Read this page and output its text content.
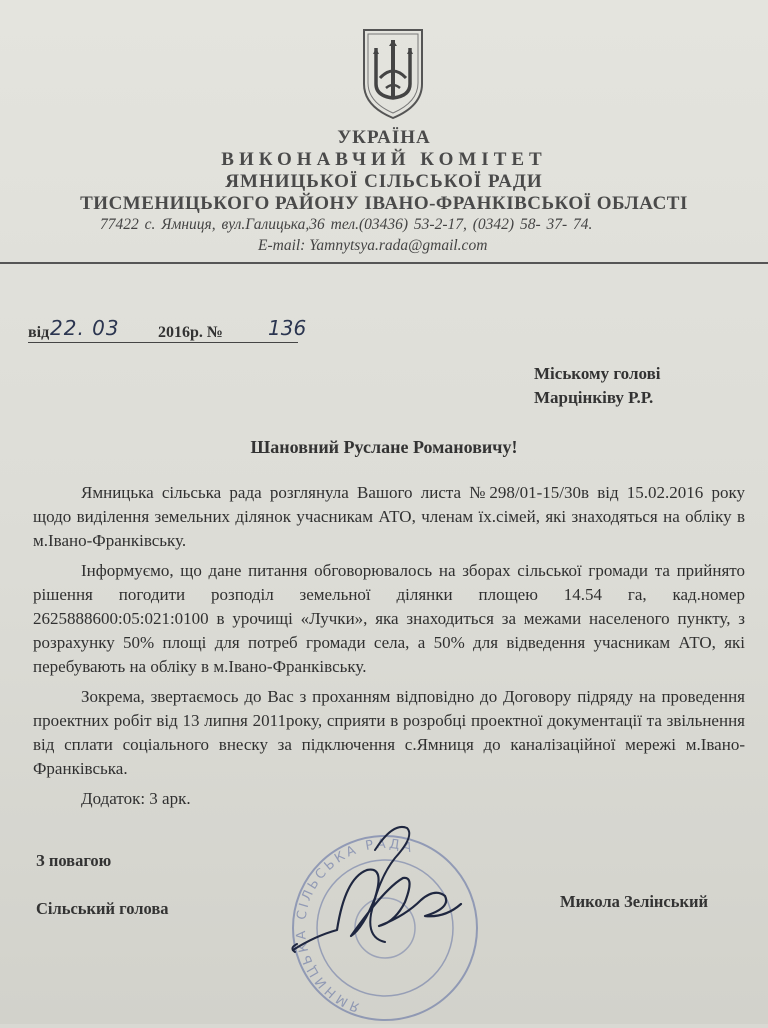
УКРАЇНА
ВИКОНАВЧИЙ КОМІТЕТ
ЯМНИЦЬКОЇ СІЛЬСЬКОЇ РАДИ
ТИСМЕНИЦЬКОГО РАЙОНУ ІВАНО-ФРАНКІВСЬКОЇ ОБЛАСТІ
77422 с. Ямниця, вул.Галицька,36 тел.(03436) 53-2-17, (0342) 58- 37- 74.
E-mail: Yamnytsya.rada@gmail.com
від 22. 03 2016р. № 136
Міському голові
Марцінківу Р.Р.
Шановний Руслане Романовичу!

Ямницька сільська рада розглянула Вашого листа №298/01-15/30в від 15.02.2016 року щодо виділення земельних ділянок учасникам АТО, членам їх.сімей, які знаходяться на обліку в м.Івано-Франківську.

Інформуємо, що дане питання обговорювалось на зборах сільської громади та прийнято рішення погодити розподіл земельної ділянки площею 14.54 га, кад.номер 2625888600:05:021:0100 в урочищі «Лучки», яка знаходиться за межами населеного пункту, з розрахунку 50% площі для потреб громади села, а 50% для відведення учасникам АТО, які перебувають на обліку в м.Івано-Франківську.

Зокрема, звертаємось до Вас з проханням відповідно до Договору підряду на проведення проектних робіт від 13 липня 2011року, сприяти в розробці проектної документації та звільнення від сплати соціального внеску за підключення с.Ямниця до каналізаційної мережі м.Івано-Франківська.

Додаток: 3 арк.

З повагою
Сільський голова	Микола Зелінський
ЯМНИЦЬКА СІЛЬСЬКА РАДА
